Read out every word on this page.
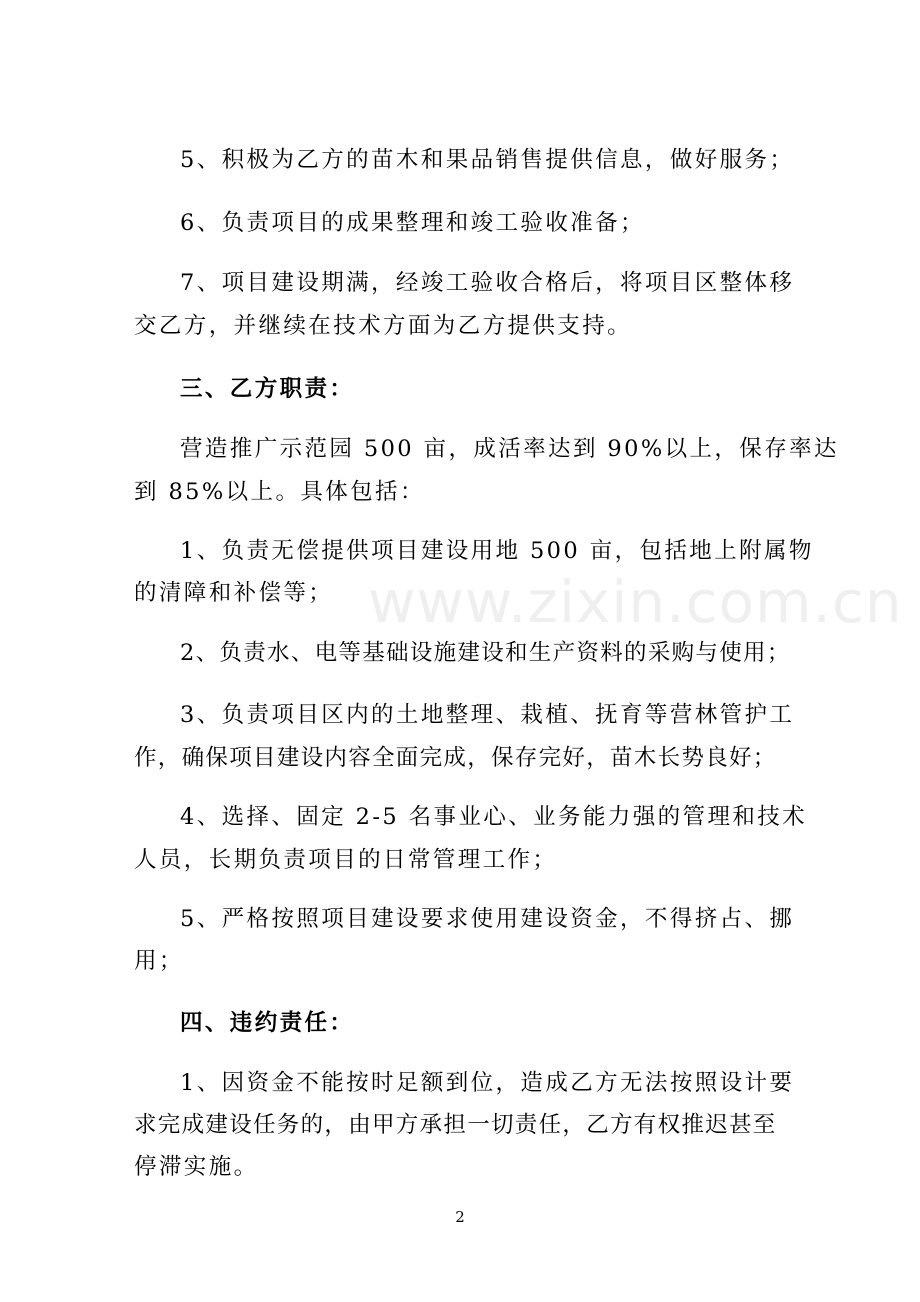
www.zixin.com.cn
5、积极为乙方的苗木和果品销售提供信息，做好服务；
6、负责项目的成果整理和竣工验收准备；
7、项目建设期满，经竣工验收合格后，将项目区整体移
交乙方，并继续在技术方面为乙方提供支持。
三、乙方职责：
营造推广示范园 500 亩，成活率达到 90%以上，保存率达
到 85%以上。具体包括：
1、负责无偿提供项目建设用地 500 亩，包括地上附属物
的清障和补偿等；
2、负责水、电等基础设施建设和生产资料的采购与使用；
3、负责项目区内的土地整理、栽植、抚育等营林管护工
作，确保项目建设内容全面完成，保存完好，苗木长势良好；
4、选择、固定 2-5 名事业心、业务能力强的管理和技术
人员，长期负责项目的日常管理工作；
5、严格按照项目建设要求使用建设资金，不得挤占、挪
用；
四、违约责任：
1、因资金不能按时足额到位，造成乙方无法按照设计要
求完成建设任务的，由甲方承担一切责任，乙方有权推迟甚至
停滞实施。
2
